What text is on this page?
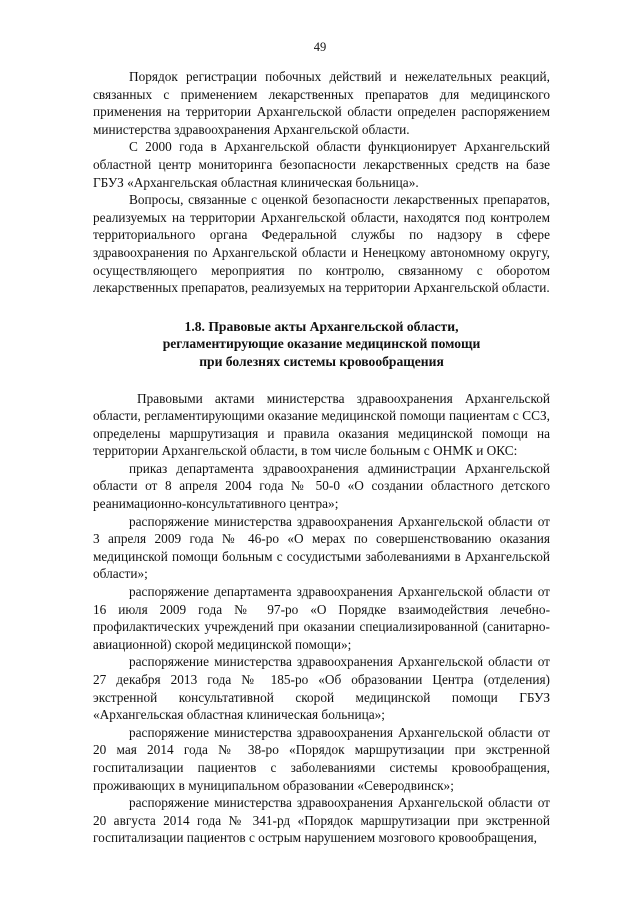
49

Порядок регистрации побочных действий и нежелательных реакций, связанных с применением лекарственных препаратов для медицинского применения на территории Архангельской области определен распоряжением министерства здравоохранения Архангельской области.

С 2000 года в Архангельской области функционирует Архангельский областной центр мониторинга безопасности лекарственных средств на базе ГБУЗ «Архангельская областная клиническая больница».

Вопросы, связанные с оценкой безопасности лекарственных препаратов, реализуемых на территории Архангельской области, находятся под контролем территориального органа Федеральной службы по надзору в сфере здравоохранения по Архангельской области и Ненецкому автономному округу, осуществляющего мероприятия по контролю, связанному с оборотом лекарственных препаратов, реализуемых на территории Архангельской области.

1.8. Правовые акты Архангельской области,
регламентирующие оказание медицинской помощи
при болезнях системы кровообращения

Правовыми актами министерства здравоохранения Архангельской области, регламентирующими оказание медицинской помощи пациентам с ССЗ, определены маршрутизация и правила оказания медицинской помощи на территории Архангельской области, в том числе больным с ОНМК и ОКС:

приказ департамента здравоохранения администрации Архангельской области от 8 апреля 2004 года № 50-0 «О создании областного детского реанимационно-консультативного центра»;

распоряжение министерства здравоохранения Архангельской области от 3 апреля 2009 года № 46-ро «О мерах по совершенствованию оказания медицинской помощи больным с сосудистыми заболеваниями в Архангельской области»;

распоряжение департамента здравоохранения Архангельской области от 16 июля 2009 года № 97-ро «О Порядке взаимодействия лечебно-профилактических учреждений при оказании специализированной (санитарно-авиационной) скорой медицинской помощи»;

распоряжение министерства здравоохранения Архангельской области от 27 декабря 2013 года № 185-ро «Об образовании Центра (отделения) экстренной консультативной скорой медицинской помощи ГБУЗ «Архангельская областная клиническая больница»;

распоряжение министерства здравоохранения Архангельской области от 20 мая 2014 года № 38-ро «Порядок маршрутизации при экстренной госпитализации пациентов с заболеваниями системы кровообращения, проживающих в муниципальном образовании «Северодвинск»;

распоряжение министерства здравоохранения Архангельской области от 20 августа 2014 года № 341-рд «Порядок маршрутизации при экстренной госпитализации пациентов с острым нарушением мозгового кровообращения,
